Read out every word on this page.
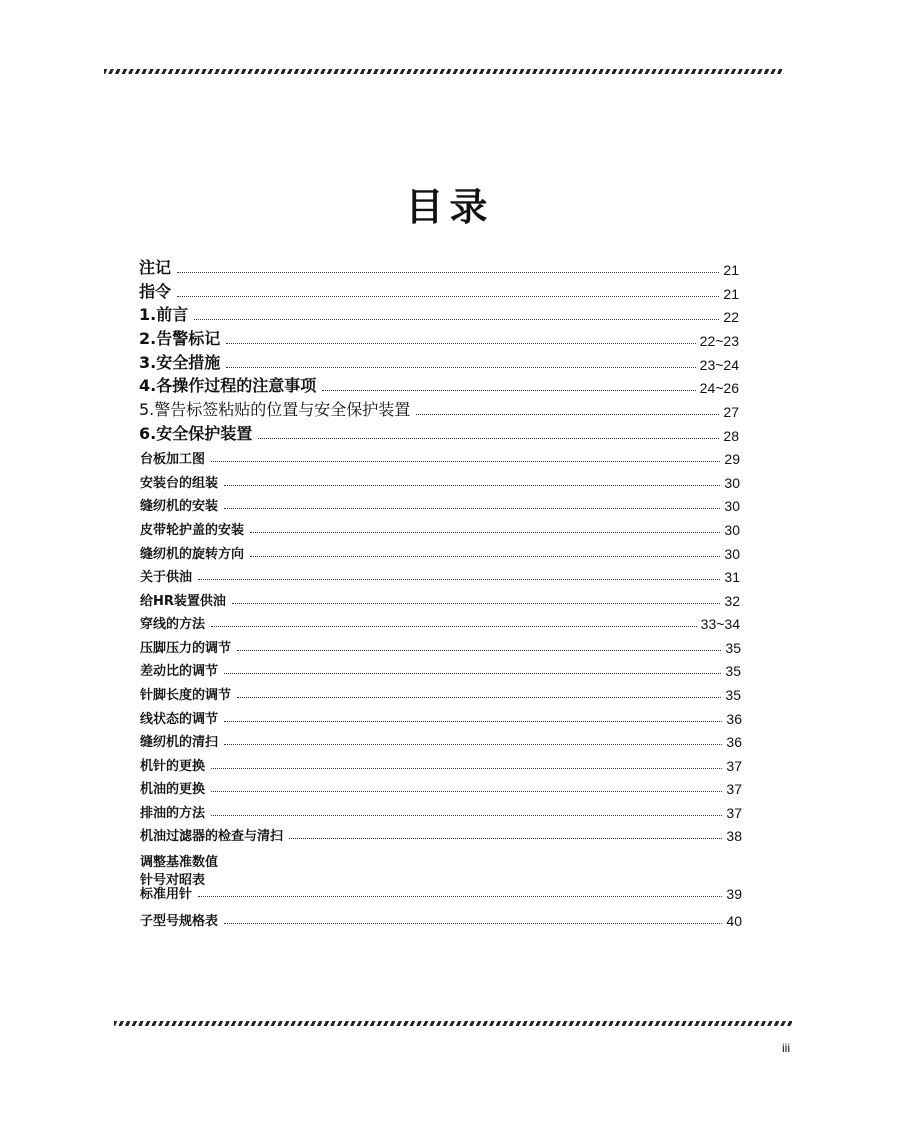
目录
注记	21
指令	21
1.前言	22
2.告警标记	22~23
3.安全措施	23~24
4.各操作过程的注意事项	24~26
5.警告标签粘贴的位置与安全保护装置	27
6.安全保护装置	28
台板加工图	29
安装台的组装	30
缝纫机的安装	30
皮带轮护盖的安装	30
缝纫机的旋转方向	30
关于供油	31
给HR装置供油	32
穿线的方法	33~34
压脚压力的调节	35
差动比的调节	35
针脚长度的调节	35
线状态的调节	36
缝纫机的清扫	36
机针的更换	37
机油的更换	37
排油的方法	37
机油过滤器的检查与清扫	38
调整基准数值
针号对昭表
标准用针	39
子型号规格表	40
iii
